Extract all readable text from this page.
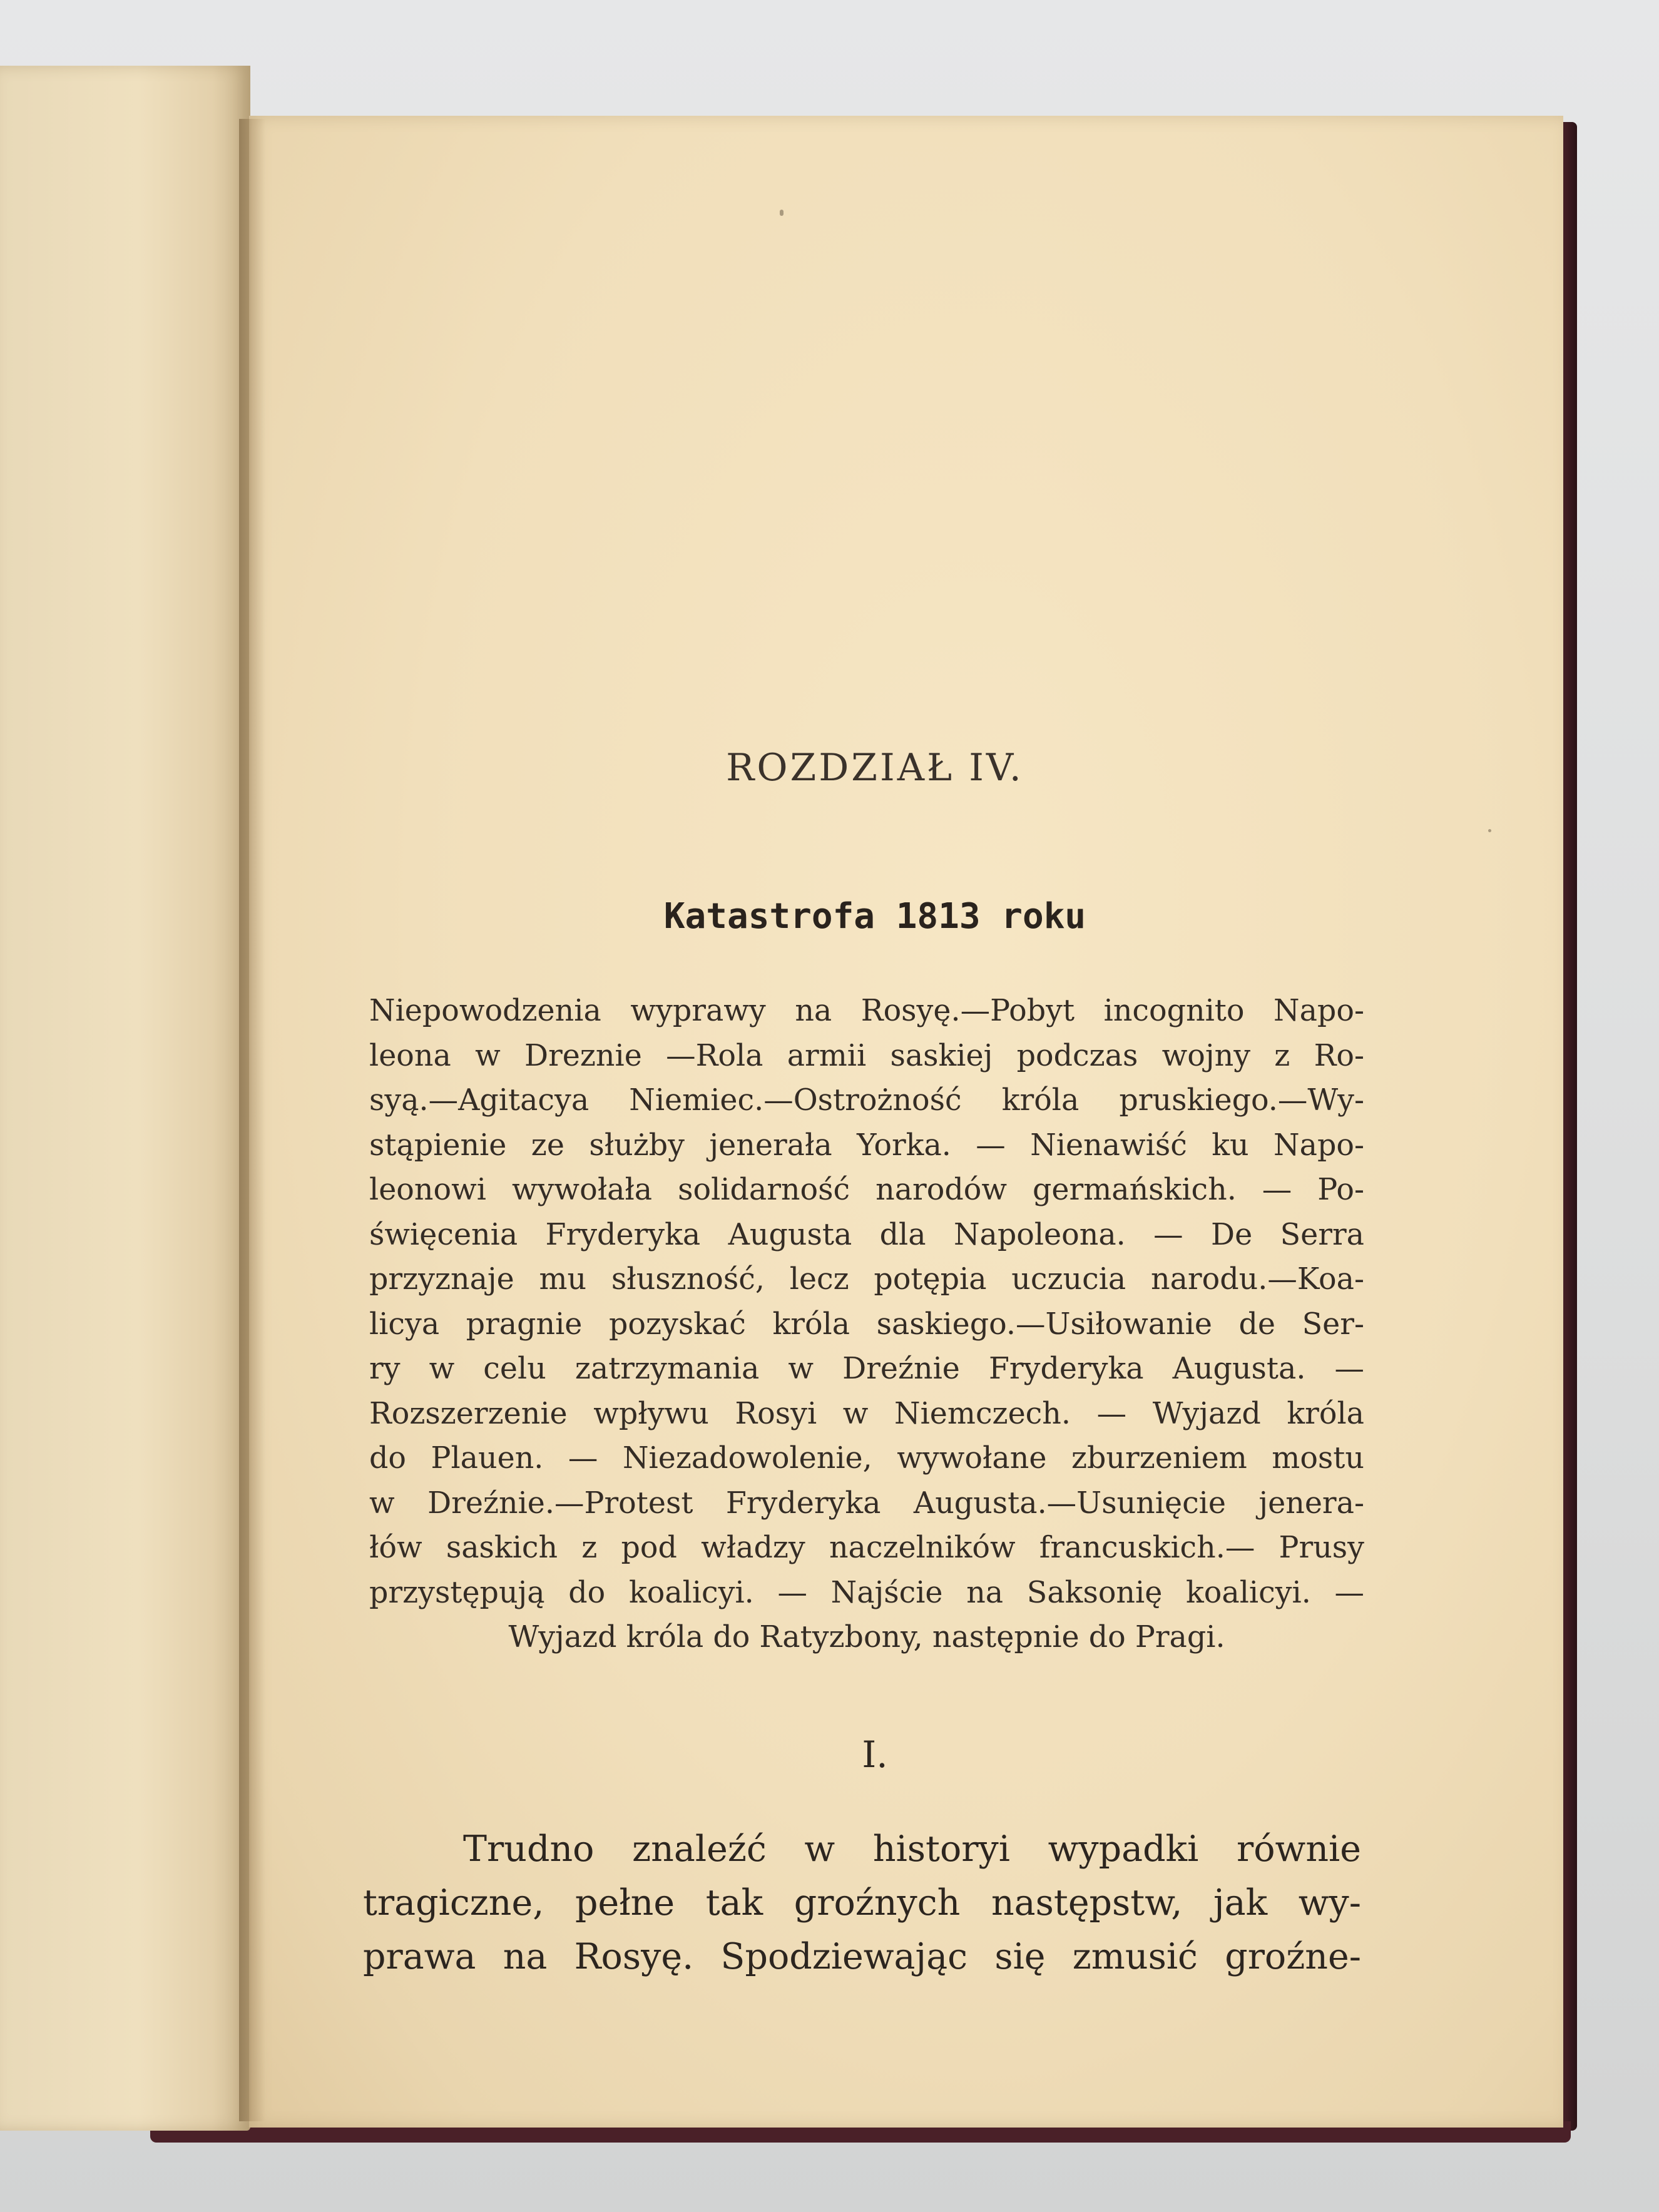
ROZDZIAŁ IV.
Katastrofa 1813 roku
Niepowodzenia wyprawy na Rosyę.—Pobyt incognito Napo-
leona w Dreznie —Rola armii saskiej podczas wojny z Ro-
syą.—Agitacya Niemiec.—Ostrożność króla pruskiego.—Wy-
stąpienie ze służby jenerała Yorka. — Nienawiść ku Napo-
leonowi wywołała solidarność narodów germańskich. — Po-
święcenia Fryderyka Augusta dla Napoleona. — De Serra
przyznaje mu słuszność, lecz potępia uczucia narodu.—Koa-
licya pragnie pozyskać króla saskiego.—Usiłowanie de Ser-
ry w celu zatrzymania w Dreźnie Fryderyka Augusta. —
Rozszerzenie wpływu Rosyi w Niemczech. — Wyjazd króla
do Plauen. — Niezadowolenie, wywołane zburzeniem mostu
w Dreźnie.—Protest Fryderyka Augusta.—Usunięcie jenera-
łów saskich z pod władzy naczelników francuskich.— Prusy
przystępują do koalicyi. — Najście na Saksonię koalicyi. —
Wyjazd króla do Ratyzbony, następnie do Pragi.
I.
Trudno znaleźć w historyi wypadki równie
tragiczne, pełne tak groźnych następstw, jak wy-
prawa na Rosyę. Spodziewając się zmusić groźne-
